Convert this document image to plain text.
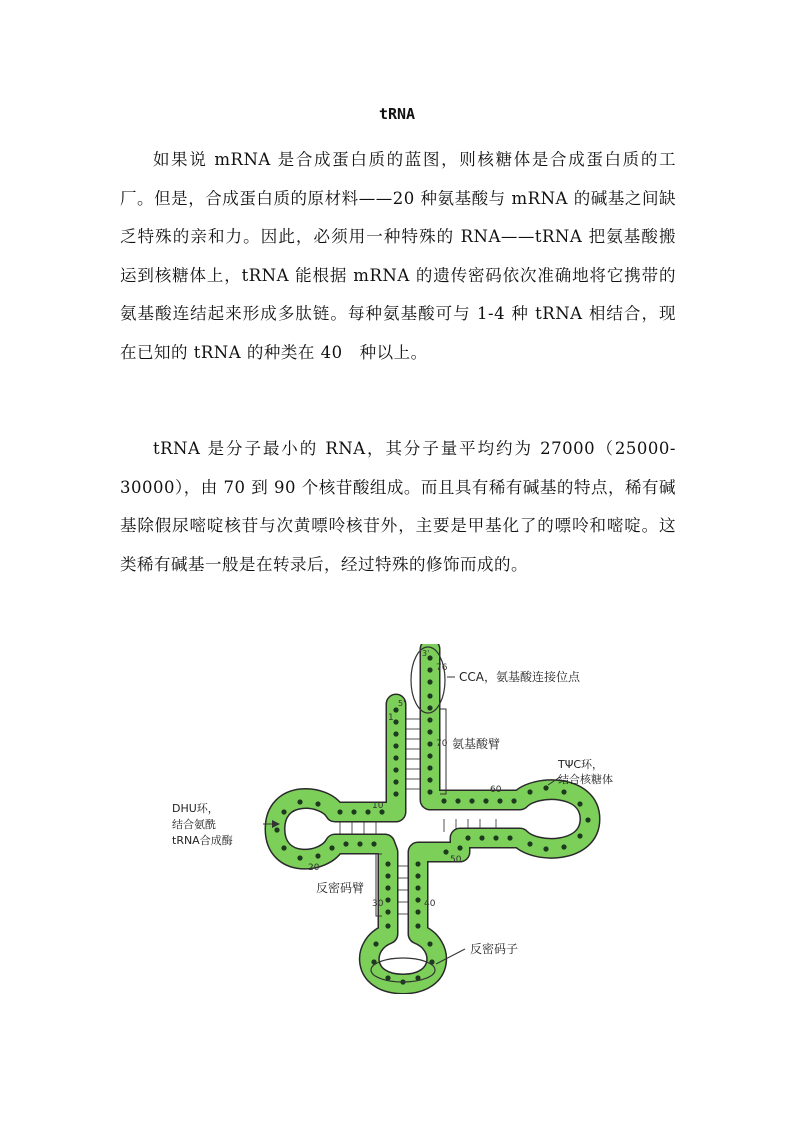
tRNA

如果说 mRNA 是合成蛋白质的蓝图，则核糖体是合成蛋白质的工厂。但是，合成蛋白质的原材料——20 种氨基酸与 mRNA 的碱基之间缺乏特殊的亲和力。因此，必须用一种特殊的 RNA——tRNA 把氨基酸搬运到核糖体上，tRNA 能根据 mRNA 的遗传密码依次准确地将它携带的氨基酸连结起来形成多肽链。每种氨基酸可与 1-4 种 tRNA 相结合，现在已知的 tRNA 的种类在 40　种以上。

tRNA 是分子最小的 RNA，其分子量平均约为 27000（25000-30000），由 70 到 90 个核苷酸组成。而且具有稀有碱基的特点，稀有碱基除假尿嘧啶核苷与次黄嘌呤核苷外，主要是甲基化了的嘌呤和嘧啶。这类稀有碱基一般是在转录后，经过特殊的修饰而成的。

3'
5'
1
76
70
10
20
30	40
50
60
CCA，氨基酸连接位点
氨基酸臂
TΨC环，
结合核糖体
DHU环，
结合氨酰
tRNA合成酶
反密码臂
反密码子
